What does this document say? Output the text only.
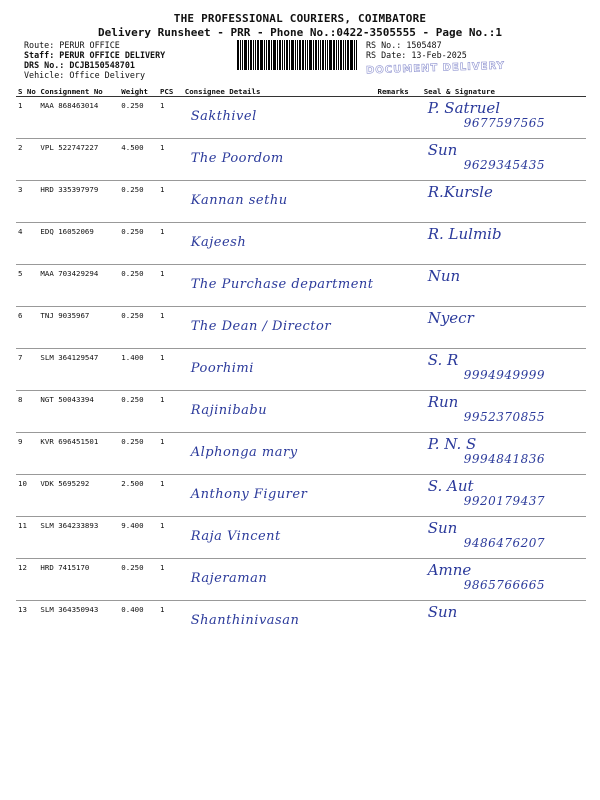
THE PROFESSIONAL COURIERS, COIMBATORE
Delivery Runsheet - PRR - Phone No.:0422-3505555 - Page No.:1
Route: PERUR OFFICE
Staff: PERUR OFFICE DELIVERY
DRS No.: DCJB150548701
Vehicle: Office Delivery
RS No.: 1505487
RS Date: 13-Feb-2025
DOCUMENT DELIVERY
S No	Consignment No	Weight	PCS	Consignee Details	Remarks	Seal & Signature
1	MAA 868463014	0.250	1	Sakthivel		P. Satruel
9677597565

2	VPL 522747227	4.500	1	The Poordom		Sun
9629345435

3	HRD 335397979	0.250	1	Kannan sethu		R.Kursle

4	EDQ 16052069	0.250	1	Kajeesh		R. Lulmib

5	MAA 703429294	0.250	1	The Purchase department		Nun

6	TNJ 9035967	0.250	1	The Dean / Director		Nyecr

7	SLM 364129547	1.400	1	Poorhimi		S. R
9994949999

8	NGT 50043394	0.250	1	Rajinibabu		Run
9952370855

9	KVR 696451501	0.250	1	Alphonga mary		P. N. S
9994841836

10	VDK 5695292	2.500	1	Anthony Figurer		S. Aut
9920179437

11	SLM 364233893	9.400	1	Raja Vincent		Sun
9486476207

12	HRD 7415170	0.250	1	Rajeraman		Amne
9865766665

13	SLM 364350943	0.400	1	Shanthinivasan		Sun
